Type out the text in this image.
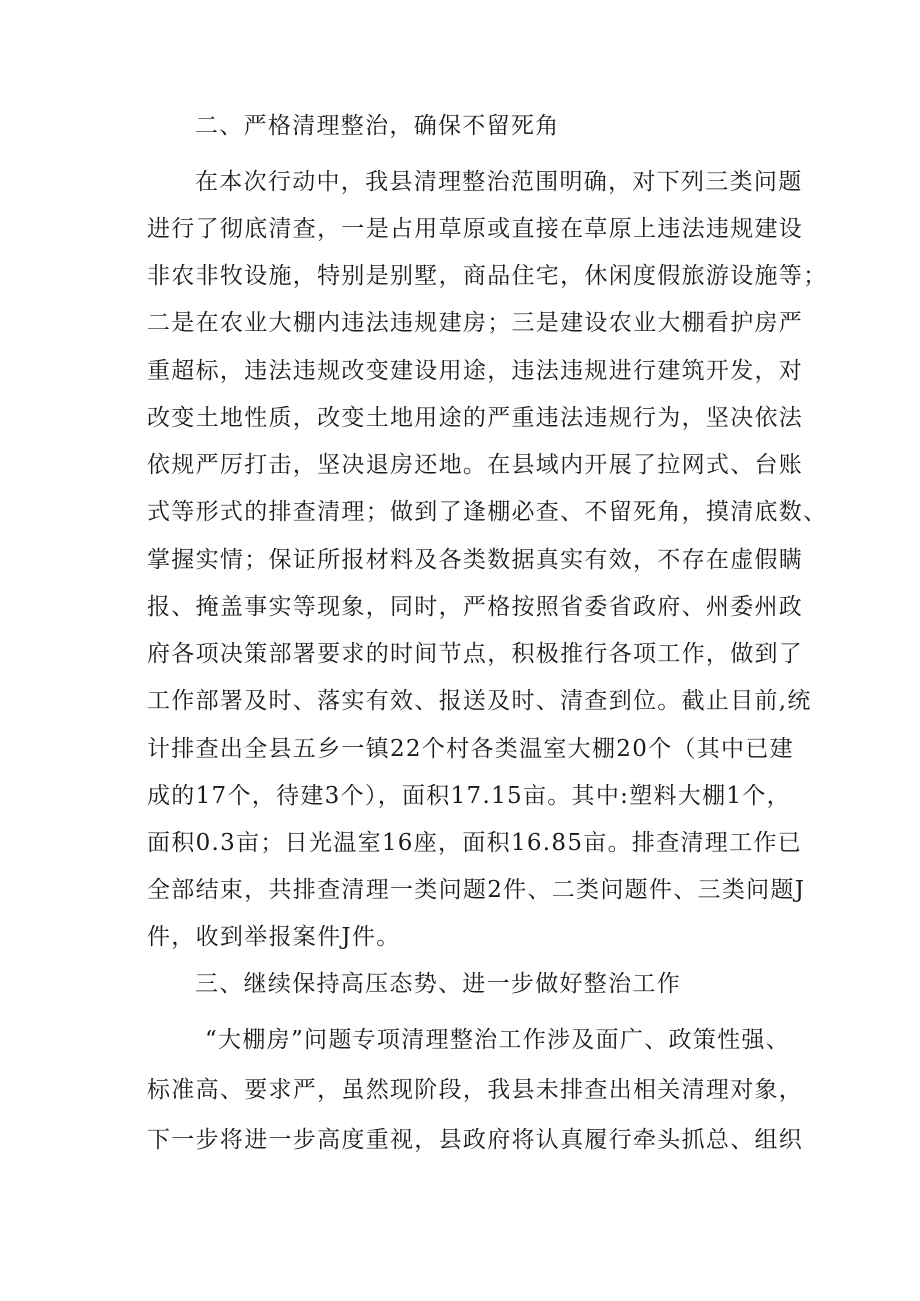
二、严格清理整治，确保不留死角
在本次行动中，我县清理整治范围明确，对下列三类问题
进行了彻底清查，一是占用草原或直接在草原上违法违规建设
非农非牧设施，特别是别墅，商品住宅，休闲度假旅游设施等；
二是在农业大棚内违法违规建房；三是建设农业大棚看护房严
重超标，违法违规改变建设用途，违法违规进行建筑开发，对
改变土地性质，改变土地用途的严重违法违规行为，坚决依法
依规严厉打击，坚决退房还地。在县域内开展了拉网式、台账
式等形式的排查清理；做到了逢棚必查、不留死角，摸清底数、
掌握实情；保证所报材料及各类数据真实有效，不存在虚假瞒
报、掩盖事实等现象，同时，严格按照省委省政府、州委州政
府各项决策部署要求的时间节点，积极推行各项工作，做到了
工作部署及时、落实有效、报送及时、清查到位。截止目前,统
计排查出全县五乡一镇22个村各类温室大棚20个（其中已建
成的17个，待建3个），面积17.15亩。其中:塑料大棚1个，
面积0.3亩；日光温室16座，面积16.85亩。排查清理工作已
全部结束，共排查清理一类问题2件、二类问题件、三类问题J
件，收到举报案件J件。
三、继续保持高压态势、进一步做好整治工作
“大棚房”问题专项清理整治工作涉及面广、政策性强、
标准高、要求严，虽然现阶段，我县未排查出相关清理对象，
下一步将进一步高度重视，县政府将认真履行牵头抓总、组织
